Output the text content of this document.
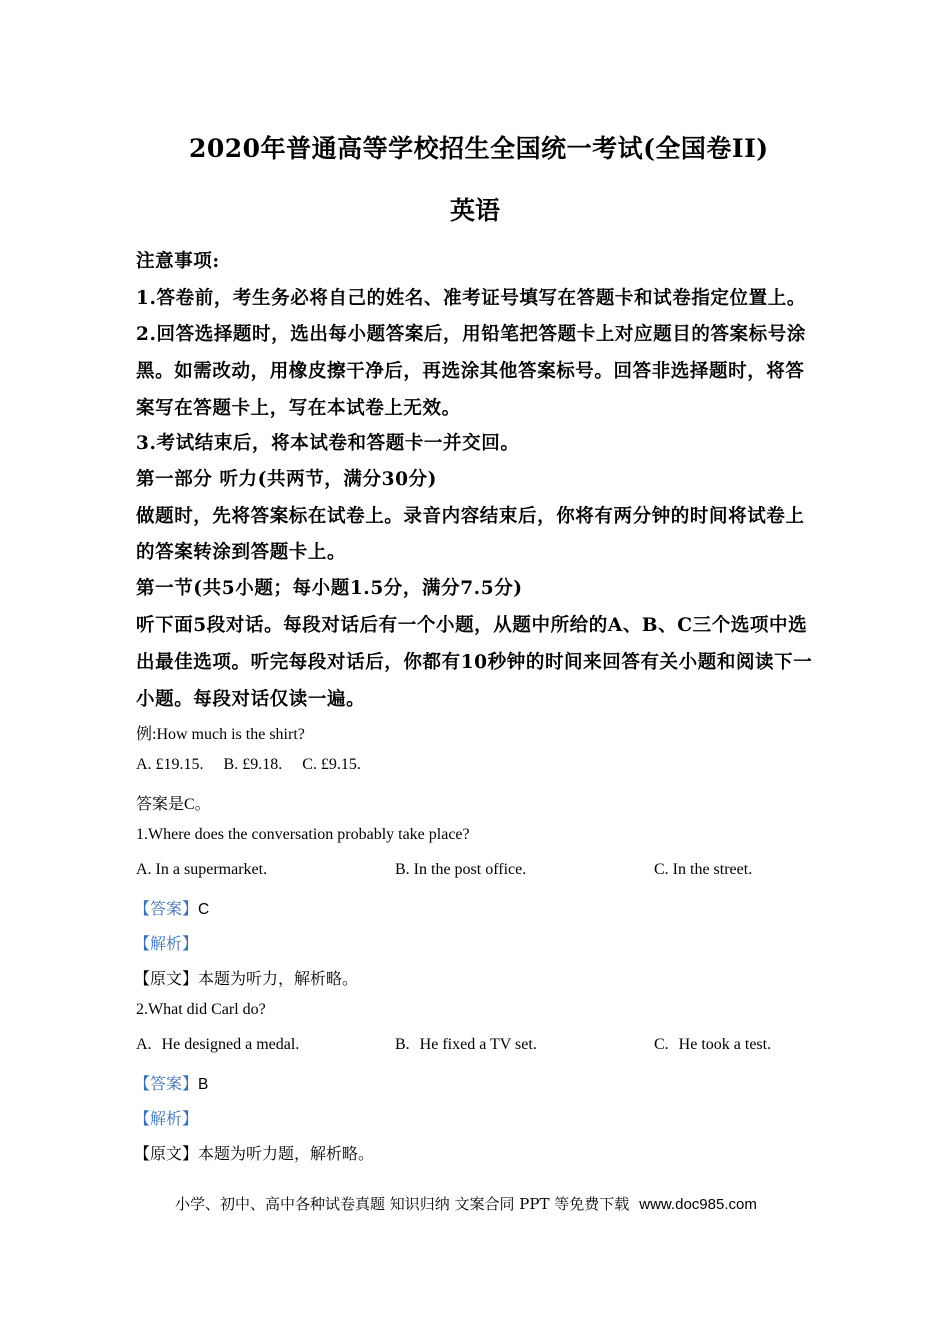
2020年普通高等学校招生全国统一考试(全国卷II)
英语
注意事项:
1.答卷前，考生务必将自己的姓名、准考证号填写在答题卡和试卷指定位置上。
2.回答选择题时，选出每小题答案后，用铅笔把答题卡上对应题目的答案标号涂
黑。如需改动，用橡皮擦干净后，再选涂其他答案标号。回答非选择题时，将答
案写在答题卡上，写在本试卷上无效。
3.考试结束后，将本试卷和答题卡一并交回。
第一部分 听力(共两节，满分30分)
做题时，先将答案标在试卷上。录音内容结束后，你将有两分钟的时间将试卷上
的答案转涂到答题卡上。
第一节(共5小题；每小题1.5分，满分7.5分)
听下面5段对话。每段对话后有一个小题，从题中所给的A、B、C三个选项中选
出最佳选项。听完每段对话后，你都有10秒钟的时间来回答有关小题和阅读下一
小题。每段对话仅读一遍。
例:How much is the shirt?
A. £19.15.     B. £9.18.     C. £9.15.
答案是C。
1.Where does the conversation probably take place?
A. In a supermarket.	B. In the post office.	C. In the street.
【答案】C
【解析】
【原文】本题为听力，解析略。
2.What did Carl do?
A. He designed a medal.	B. He fixed a TV set.	C. He took a test.
【答案】B
【解析】
【原文】本题为听力题，解析略。
小学、初中、高中各种试卷真题 知识归纳 文案合同 PPT 等免费下载 www.doc985.com
